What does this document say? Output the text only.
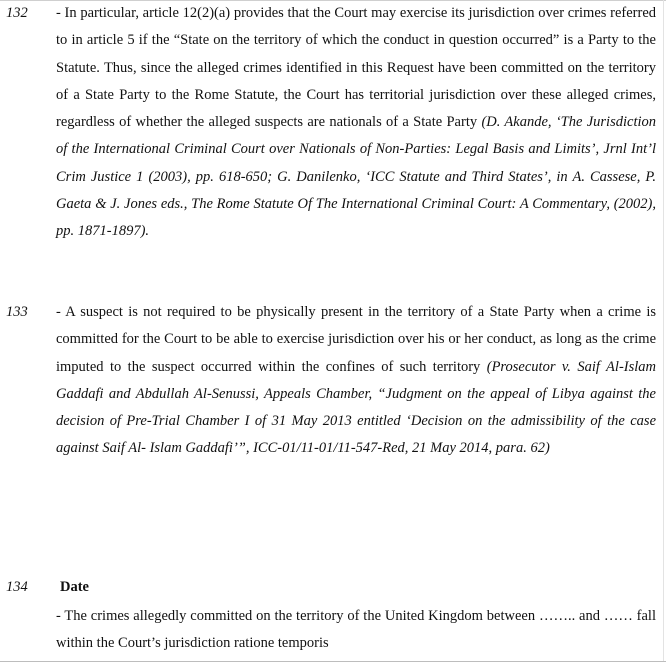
132 - In particular, article 12(2)(a) provides that the Court may exercise its jurisdiction over crimes referred to in article 5 if the “State on the territory of which the conduct in question occurred” is a Party to the Statute. Thus, since the alleged crimes identified in this Request have been committed on the territory of a State Party to the Rome Statute, the Court has territorial jurisdiction over these alleged crimes, regardless of whether the alleged suspects are nationals of a State Party (D. Akande, ‘The Jurisdiction of the International Criminal Court over Nationals of Non-Parties: Legal Basis and Limits’, Jrnl Int’l Crim Justice 1 (2003), pp. 618-650; G. Danilenko, ‘ICC Statute and Third States’, in A. Cassese, P. Gaeta & J. Jones eds., The Rome Statute Of The International Criminal Court: A Commentary, (2002), pp. 1871-1897).
133 - A suspect is not required to be physically present in the territory of a State Party when a crime is committed for the Court to be able to exercise jurisdiction over his or her conduct, as long as the crime imputed to the suspect occurred within the confines of such territory (Prosecutor v. Saif Al-Islam Gaddafi and Abdullah Al-Senussi, Appeals Chamber, “Judgment on the appeal of Libya against the decision of Pre-Trial Chamber I of 31 May 2013 entitled ‘Decision on the admissibility of the case against Saif Al- Islam Gaddafi’”, ICC-01/11-01/11-547-Red, 21 May 2014, para. 62)
134 Date
- The crimes allegedly committed on the territory of the United Kingdom between …….. and …… fall within the Court’s jurisdiction ratione temporis
